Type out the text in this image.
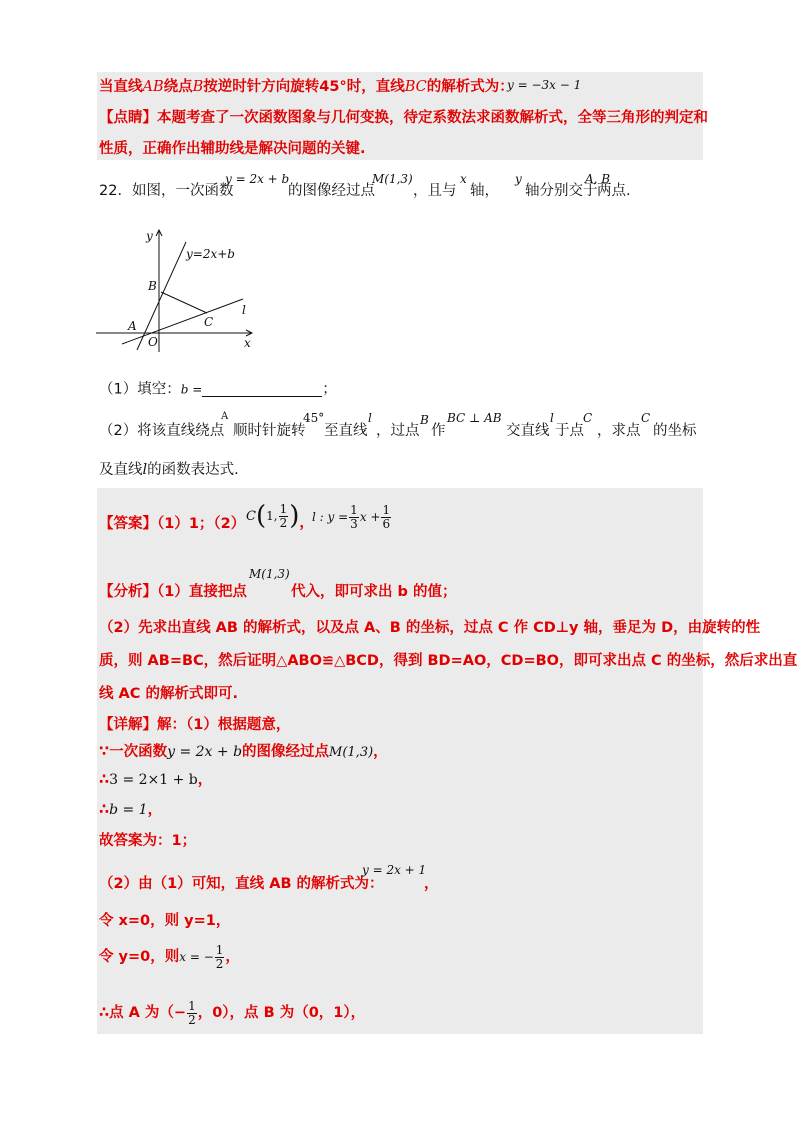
当直线AB绕点B按逆时针方向旋转45°时，直线BC的解析式为：
y = −3x − 1
【点睛】本题考查了一次函数图象与几何变换，待定系数法求函数解析式，全等三角形的判定和
性质，正确作出辅助线是解决问题的关键.
22．如图，一次函数
y = 2x + b
的图像经过点
M(1,3)
，且与
x
轴，
y
轴分别交于
A, B
两点.
y
x
y=2x+b
l
A
B
C
O
（1）填空：b =	；
（2）将该直线绕点
A
顺时针旋转
45°
至直线
l
，过点
B
作
BC ⊥ AB
交直线
l
于点
C
，求点
C
的坐标
及直线l的函数表达式.
【答案】（1）1；（2） C ( 1, $\frac{1}{2}$ ) ，
l : $y = \frac{1}{3}$ $x + \frac{1}{6}$
【分析】（1）直接把点
M(1,3)
代入，即可求出 b 的值；
（2）先求出直线 AB 的解析式，以及点 A、B 的坐标，过点 C 作 CD⊥y 轴，垂足为 D，由旋转的性
质，则 AB=BC，然后证明△ABO≌△BCD，得到 BD=AO，CD=BO，即可求出点 C 的坐标，然后求出直
线 AC 的解析式即可.
【详解】解：（1）根据题意，
∵一次函数y = 2x + b的图像经过点M(1,3)，
∴3 = 2×1 + b，
∴b = 1，
故答案为：1；
（2）由（1）可知，直线 AB 的解析式为：
y = 2x + 1
，
令 x=0，则 y=1，
令 y=0，则 x = − $\frac{1}{2}$ ，
∴点 A 为（− $\frac{1}{2}$ ，0），点 B 为（0，1），
